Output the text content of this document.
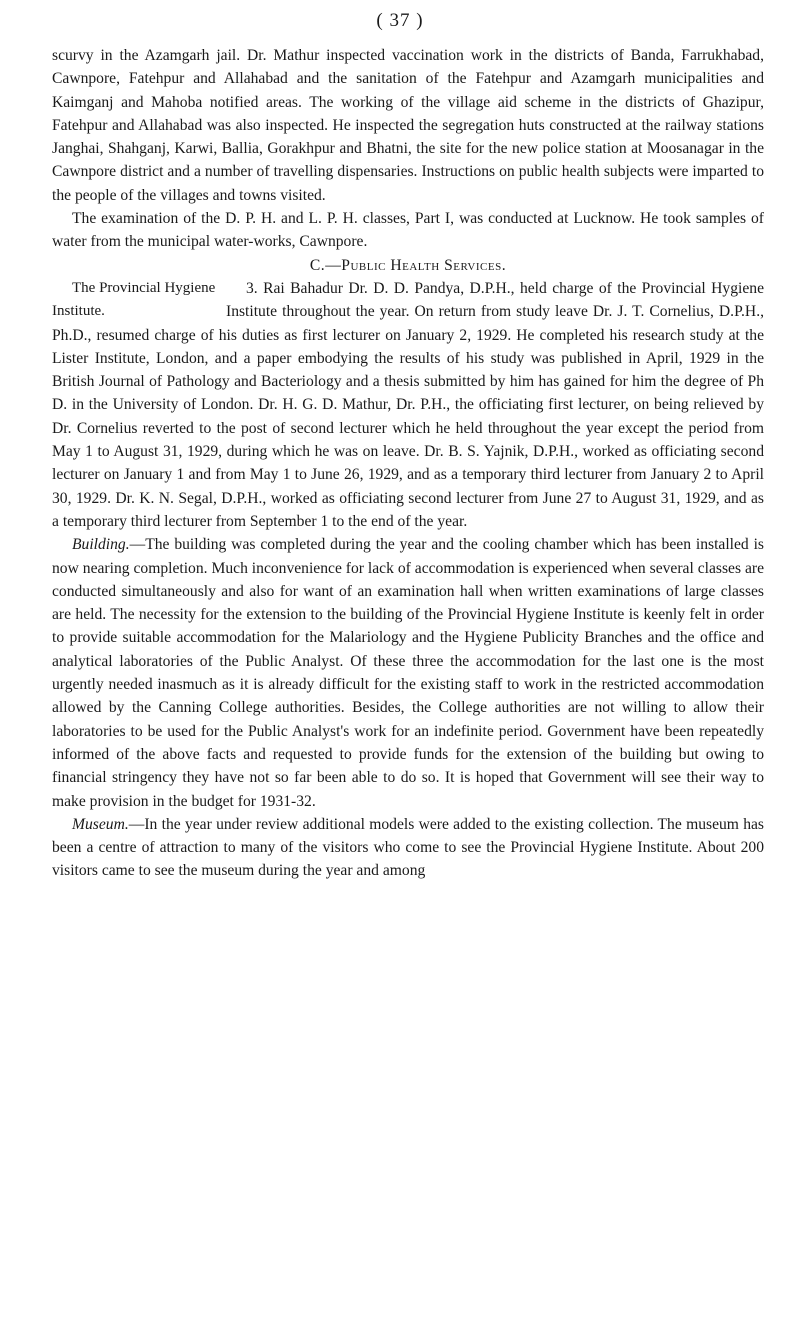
( 37 )

scurvy in the Azamgarh jail. Dr. Mathur inspected vaccination work in the districts of Banda, Farrukhabad, Cawnpore, Fatehpur and Allahabad and the sanitation of the Fatehpur and Azamgarh municipalities and Kaimganj and Mahoba notified areas. The working of the village aid scheme in the districts of Ghazipur, Fatehpur and Allahabad was also inspected. He inspected the segregation huts constructed at the railway stations Janghai, Shahganj, Karwi, Ballia, Gorakhpur and Bhatni, the site for the new police station at Moosanagar in the Cawnpore district and a number of travelling dispensaries. Instructions on public health subjects were imparted to the people of the villages and towns visited.

The examination of the D. P. H. and L. P. H. classes, Part I, was conducted at Lucknow. He took samples of water from the municipal water-works, Cawnpore.

C.—Public Health Services.

The Provincial Hygiene Institute.
3. Rai Bahadur Dr. D. D. Pandya, D.P.H., held charge of the Provincial Hygiene Institute throughout the year. On return from study leave Dr. J. T. Cornelius, D.P.H., Ph.D., resumed charge of his duties as first lecturer on January 2, 1929. He completed his research study at the Lister Institute, London, and a paper embodying the results of his study was published in April, 1929 in the British Journal of Pathology and Bacteriology and a thesis submitted by him has gained for him the degree of Ph D. in the University of London. Dr. H. G. D. Mathur, Dr. P.H., the officiating first lecturer, on being relieved by Dr. Cornelius reverted to the post of second lecturer which he held throughout the year except the period from May 1 to August 31, 1929, during which he was on leave. Dr. B. S. Yajnik, D.P.H., worked as officiating second lecturer on January 1 and from May 1 to June 26, 1929, and as a temporary third lecturer from January 2 to April 30, 1929. Dr. K. N. Segal, D.P.H., worked as officiating second lecturer from June 27 to August 31, 1929, and as a temporary third lecturer from September 1 to the end of the year.

Building.—The building was completed during the year and the cooling chamber which has been installed is now nearing completion. Much inconvenience for lack of accommodation is experienced when several classes are conducted simultaneously and also for want of an examination hall when written examinations of large classes are held. The necessity for the extension to the building of the Provincial Hygiene Institute is keenly felt in order to provide suitable accommodation for the Malariology and the Hygiene Publicity Branches and the office and analytical laboratories of the Public Analyst. Of these three the accommodation for the last one is the most urgently needed inasmuch as it is already difficult for the existing staff to work in the restricted accommodation allowed by the Canning College authorities. Besides, the College authorities are not willing to allow their laboratories to be used for the Public Analyst's work for an indefinite period. Government have been repeatedly informed of the above facts and requested to provide funds for the extension of the building but owing to financial stringency they have not so far been able to do so. It is hoped that Government will see their way to make provision in the budget for 1931-32.

Museum.—In the year under review additional models were added to the existing collection. The museum has been a centre of attraction to many of the visitors who come to see the Provincial Hygiene Institute. About 200 visitors came to see the museum during the year and among
